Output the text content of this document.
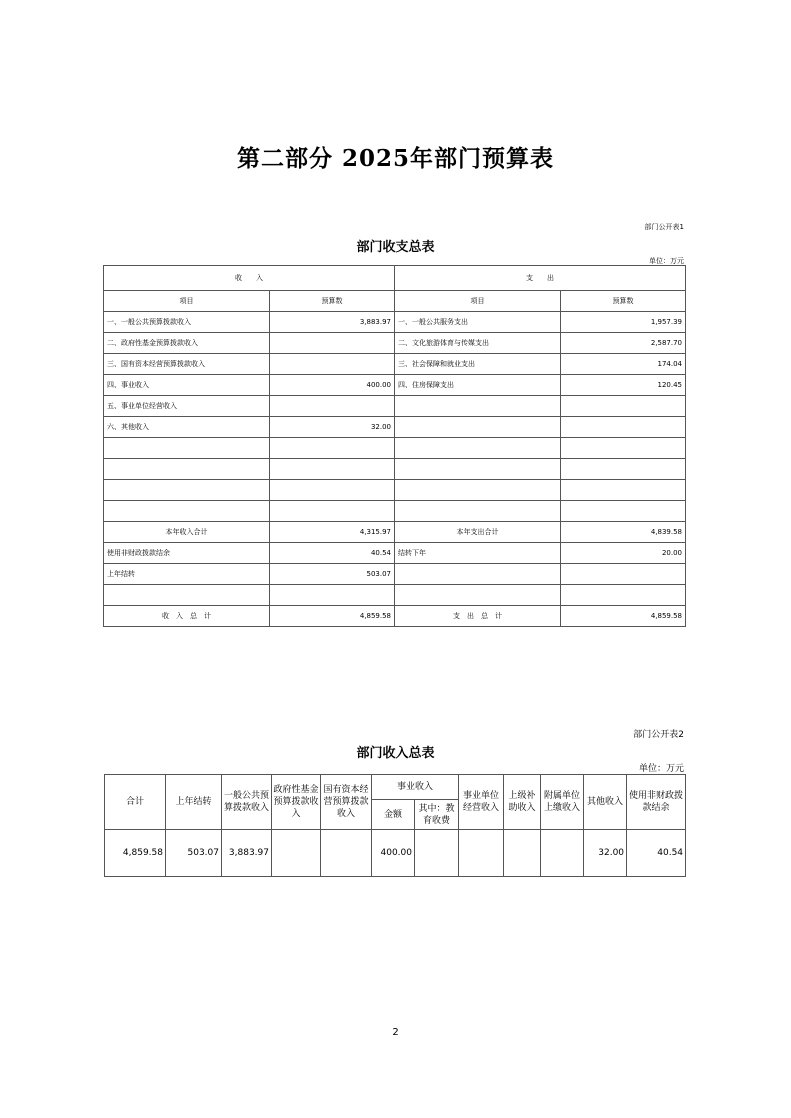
第二部分 2025年部门预算表
部门公开表1
部门收支总表
单位：万元
收　　入		支　　出	
项目	预算数	项目	预算数
一、一般公共预算拨款收入	3,883.97	一、一般公共服务支出	1,957.39
二、政府性基金预算拨款收入		二、文化旅游体育与传媒支出	2,587.70
三、国有资本经营预算拨款收入		三、社会保障和就业支出	174.04
四、事业收入	400.00	四、住房保障支出	120.45
五、事业单位经营收入			
六、其他收入	32.00		

本年收入合计	4,315.97	本年支出合计	4,839.58
使用非财政拨款结余	40.54	结转下年	20.00
上年结转	503.07		

收　入　总　计	4,859.58	支　出　总　计	4,859.58
部门公开表2
部门收入总表
单位：万元
合计	上年结转	一般公共预算拨款收入	政府性基金预算拨款收入	国有资本经营预算拨款收入	事业收入		事业单位经营收入	上级补助收入	附属单位上缴收入	其他收入	使用非财政拨款结余
					金额	其中：教育收费					
4,859.58	503.07	3,883.97			400.00					32.00	40.54
2
